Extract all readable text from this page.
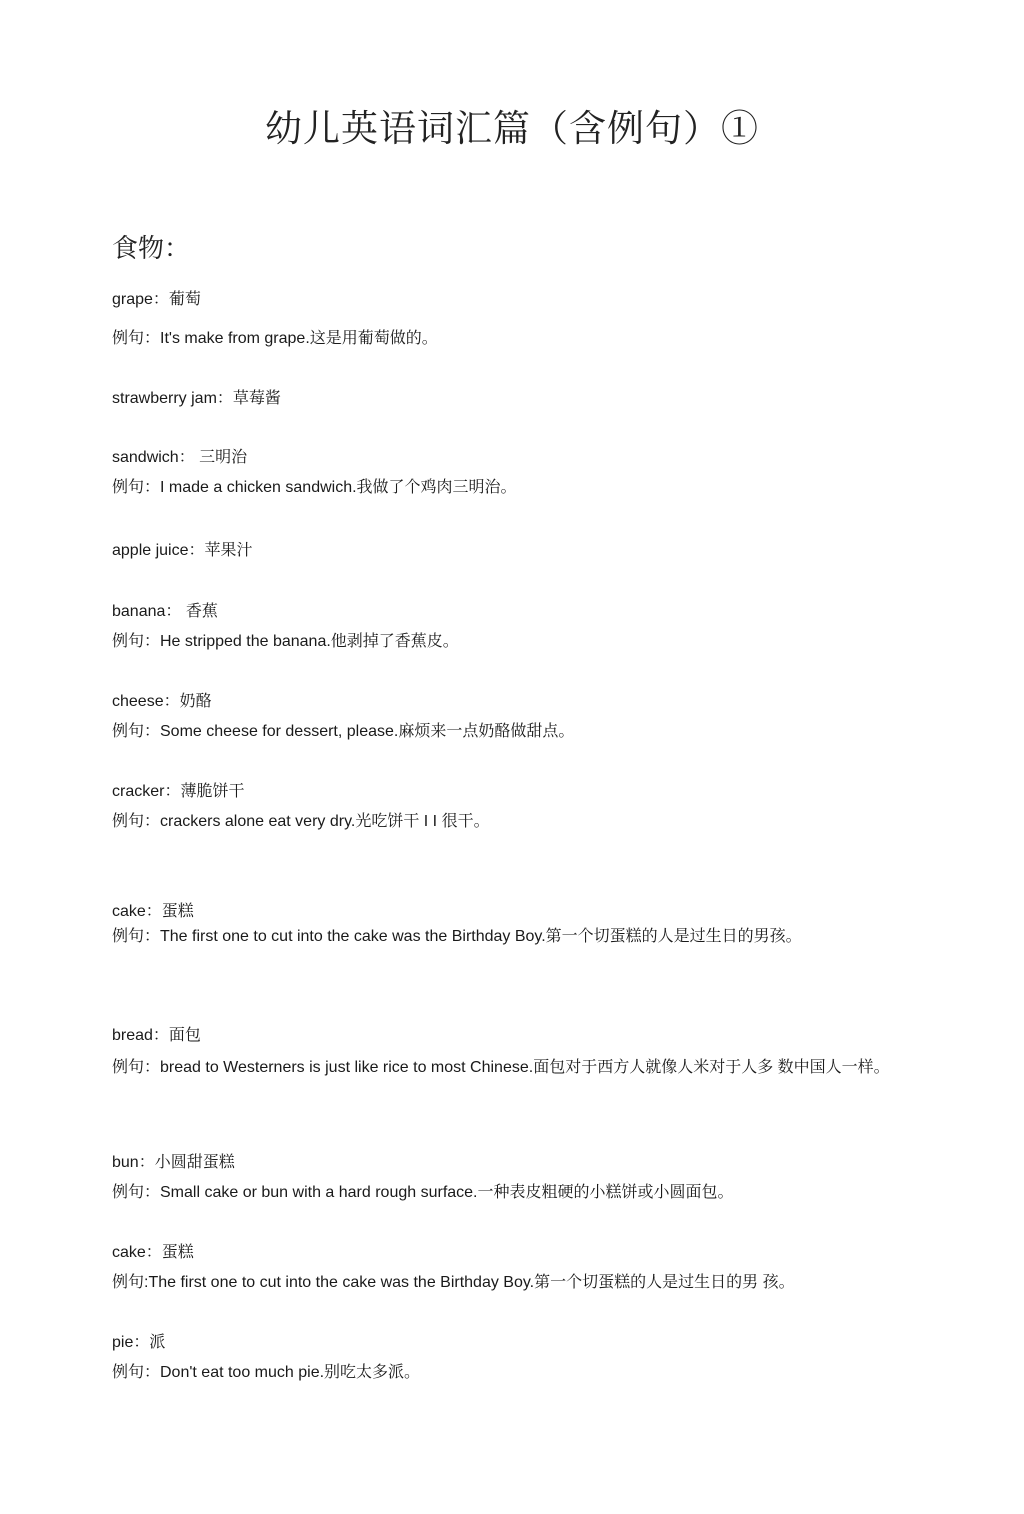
幼儿英语词汇篇（含例句）①
食物：
grape：葡萄
例句：It's make from grape.这是用葡萄做的。
strawberry jam：草莓酱
sandwich： 三明治
例句：I made a chicken sandwich.我做了个鸡肉三明治。
apple juice：苹果汁
banana： 香蕉
例句：He stripped the banana.他剥掉了香蕉皮。
cheese：奶酪
例句：Some cheese for dessert, please.麻烦来一点奶酪做甜点。
cracker：薄脆饼干
例句：crackers alone eat very dry.光吃饼干 I I 很干。
cake：蛋糕
例句：The first one to cut into the cake was the Birthday Boy.第一个切蛋糕的人是过生日的男孩。
bread：面包
例句：bread to Westerners is just like rice to most Chinese.面包对于西方人就像人米对于人多 数中国人一样。
bun：小圆甜蛋糕
例句：Small cake or bun with a hard rough surface.一种表皮粗硬的小糕饼或小圆面包。
cake：蛋糕
例句:The first one to cut into the cake was the Birthday Boy.第一个切蛋糕的人是过生日的男 孩。
pie：派
例句：Don't eat too much pie.别吃太多派。
